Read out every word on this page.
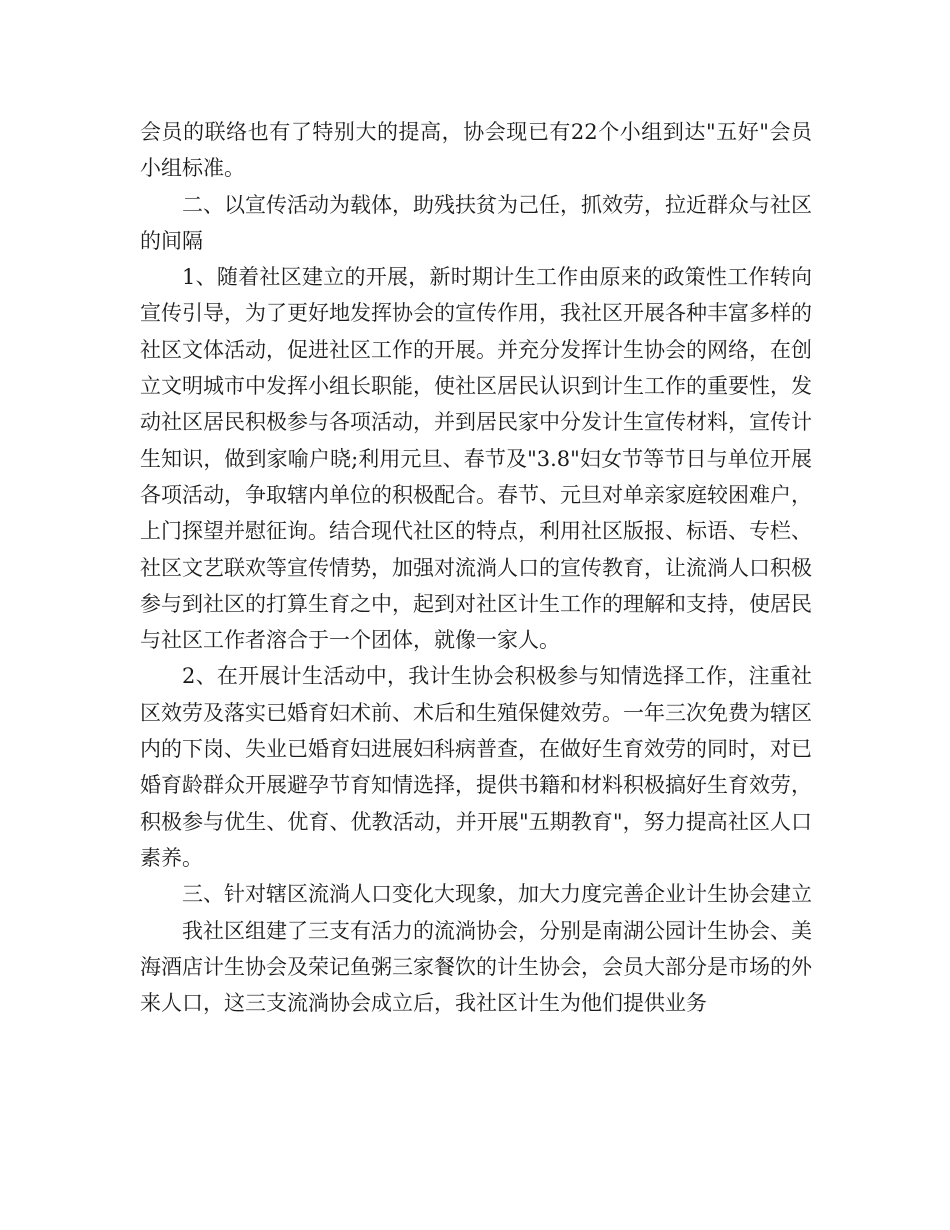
会员的联络也有了特别大的提高，协会现已有22个小组到达"五好"会员小组标准。

二、以宣传活动为载体，助残扶贫为己任，抓效劳，拉近群众与社区的间隔

1、随着社区建立的开展，新时期计生工作由原来的政策性工作转向宣传引导，为了更好地发挥协会的宣传作用，我社区开展各种丰富多样的社区文体活动，促进社区工作的开展。并充分发挥计生协会的网络，在创立文明城市中发挥小组长职能，使社区居民认识到计生工作的重要性，发动社区居民积极参与各项活动，并到居民家中分发计生宣传材料，宣传计生知识，做到家喻户晓;利用元旦、春节及"3.8"妇女节等节日与单位开展各项活动，争取辖内单位的积极配合。春节、元旦对单亲家庭较困难户，上门探望并慰征询。结合现代社区的特点，利用社区版报、标语、专栏、社区文艺联欢等宣传情势，加强对流淌人口的宣传教育，让流淌人口积极参与到社区的打算生育之中，起到对社区计生工作的理解和支持，使居民与社区工作者溶合于一个团体，就像一家人。

2、在开展计生活动中，我计生协会积极参与知情选择工作，注重社区效劳及落实已婚育妇术前、术后和生殖保健效劳。一年三次免费为辖区内的下岗、失业已婚育妇进展妇科病普查，在做好生育效劳的同时，对已婚育龄群众开展避孕节育知情选择，提供书籍和材料积极搞好生育效劳，积极参与优生、优育、优教活动，并开展"五期教育"，努力提高社区人口素养。

三、针对辖区流淌人口变化大现象，加大力度完善企业计生协会建立

我社区组建了三支有活力的流淌协会，分别是南湖公园计生协会、美海酒店计生协会及荣记鱼粥三家餐饮的计生协会，会员大部分是市场的外来人口，这三支流淌协会成立后，我社区计生为他们提供业务
